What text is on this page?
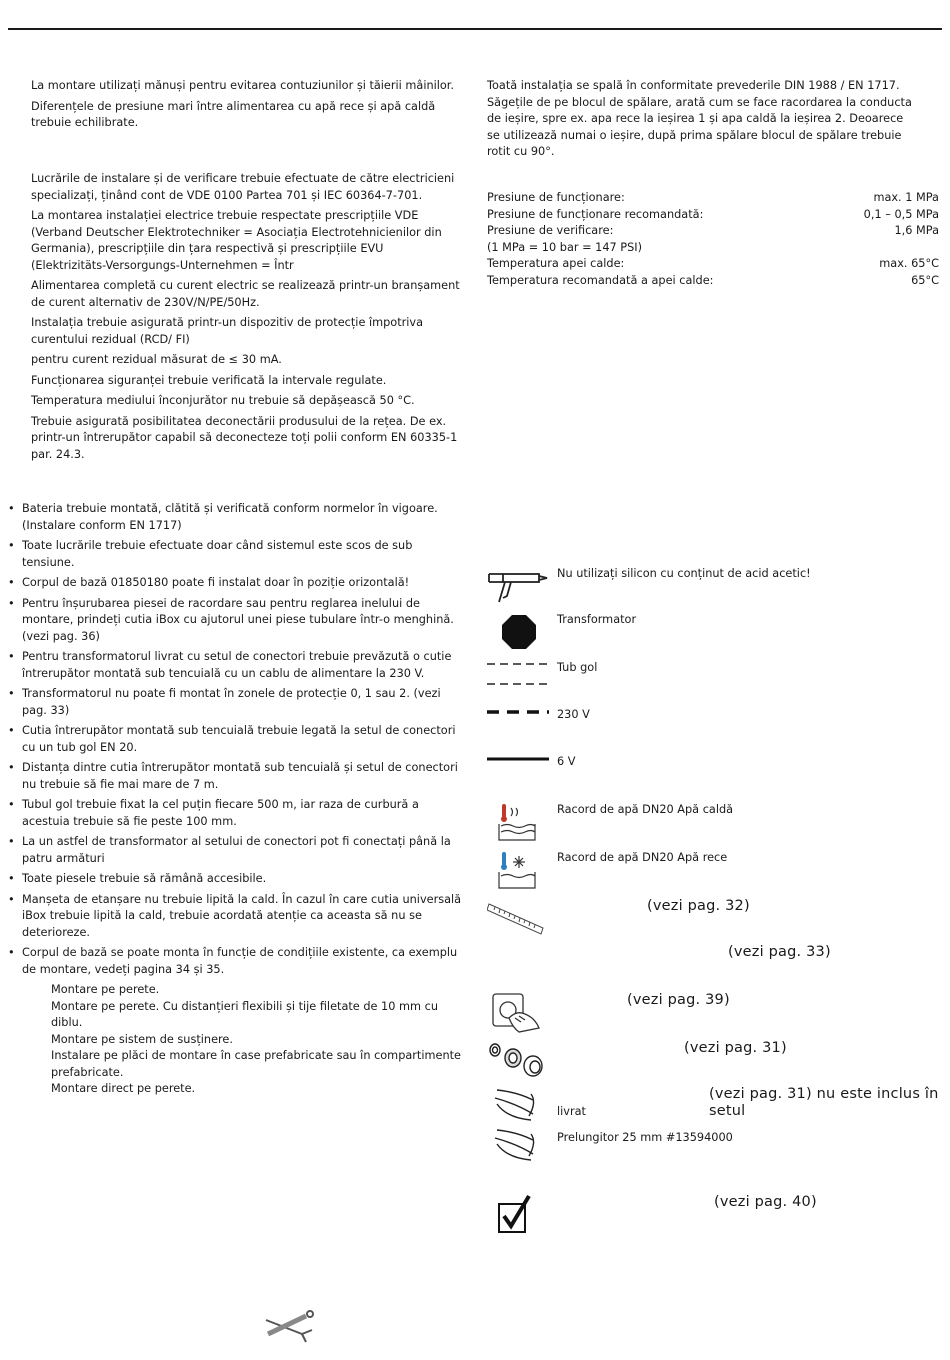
La montare utilizați mănuși pentru evitarea contuziunilor și tăierii mâinilor.

Diferențele de presiune mari între alimentarea cu apă rece și apă caldă trebuie echilibrate.

Lucrările de instalare și de verificare trebuie efectuate de către electricieni specializați, ținând cont de VDE 0100 Partea 701 și IEC 60364-7-701.

La montarea instalației electrice trebuie respectate prescripțiile VDE (Verband Deutscher Elektrotechniker = Asociația Electrotehnicienilor din Germania), prescripțiile din țara respectivă și prescripțiile EVU (Elektrizitäts-Versorgungs-Unternehmen = Într

Alimentarea completă cu curent electric se realizează printr-un branșament de curent alternativ de 230V/N/PE/50Hz.

Instalația trebuie asigurată printr-un dispozitiv de protecție împotriva curentului rezidual (RCD/ FI)

pentru curent rezidual măsurat de ≤ 30 mA.

Funcționarea siguranței trebuie verificată la intervale regulate.

Temperatura mediului înconjurător nu trebuie să depășească 50 °C.

Trebuie asigurată posibilitatea deconectării produsului de la rețea. De ex. printr-un întrerupător capabil să deconecteze toți polii conform EN 60335-1 par. 24.3.

• Bateria trebuie montată, clătită și verificată conform normelor în vigoare. (Instalare conform EN 1717)
• Toate lucrările trebuie efectuate doar când sistemul este scos de sub tensiune.
• Corpul de bază 01850180 poate fi instalat doar în poziție orizontală!
• Pentru înșurubarea piesei de racordare sau pentru reglarea inelului de montare, prindeți cutia iBox cu ajutorul unei piese tubulare într-o menghină. (vezi pag. 36)
• Pentru transformatorul livrat cu setul de conectori trebuie prevăzută o cutie întrerupător montată sub tencuială cu un cablu de alimentare la 230 V.
• Transformatorul nu poate fi montat în zonele de protecție 0, 1 sau 2. (vezi pag. 33)
• Cutia întrerupător montată sub tencuială trebuie legată la setul de conectori cu un tub gol EN 20.
• Distanța dintre cutia întrerupător montată sub tencuială și setul de conectori nu trebuie să fie mai mare de 7 m.
• Tubul gol trebuie fixat la cel puțin fiecare 500 m, iar raza de curbură a acestuia trebuie să fie peste 100 mm.
• La un astfel de transformator al setului de conectori pot fi conectați până la patru armături
• Toate piesele trebuie să rămână accesibile.
• Manșeta de etanșare nu trebuie lipită la cald. În cazul în care cutia universală iBox trebuie lipită la cald, trebuie acordată atenție ca aceasta să nu se deterioreze.
• Corpul de bază se poate monta în funcție de condițiile existente, ca exemplu de montare, vedeți pagina 34 și 35.
Montare pe perete.
Montare pe perete. Cu distanțieri flexibili și tije filetate de 10 mm cu diblu.
Montare pe sistem de susținere.
Instalare pe plăci de montare în case prefabricate sau în compartimente prefabricate.
Montare direct pe perete.

Toată instalația se spală în conformitate prevederile DIN 1988 / EN 1717. Săgețile de pe blocul de spălare, arată cum se face racordarea la conducta de ieșire, spre ex. apa rece la ieșirea 1 și apa caldă la ieșirea 2. Deoarece se utilizează numai o ieșire, după prima spălare blocul de spălare trebuie rotit cu 90°.

Presiune de funcționare:	max. 1 MPa
Presiune de funcționare recomandată:	0,1 – 0,5 MPa
Presiune de verificare:	1,6 MPa
(1 MPa = 10 bar = 147 PSI)
Temperatura apei calde:	max. 65°C
Temperatura recomandată a apei calde:	65°C
Nu utilizați silicon cu conținut de acid acetic!
Transformator
Tub gol
230 V
6 V
Racord de apă DN20 Apă caldă
Racord de apă DN20 Apă rece
(vezi pag. 32)
(vezi pag. 33)
(vezi pag. 39)
(vezi pag. 31)
(vezi pag. 31) nu este inclus în setul
livrat
Prelungitor 25 mm #13594000
(vezi pag. 40)
